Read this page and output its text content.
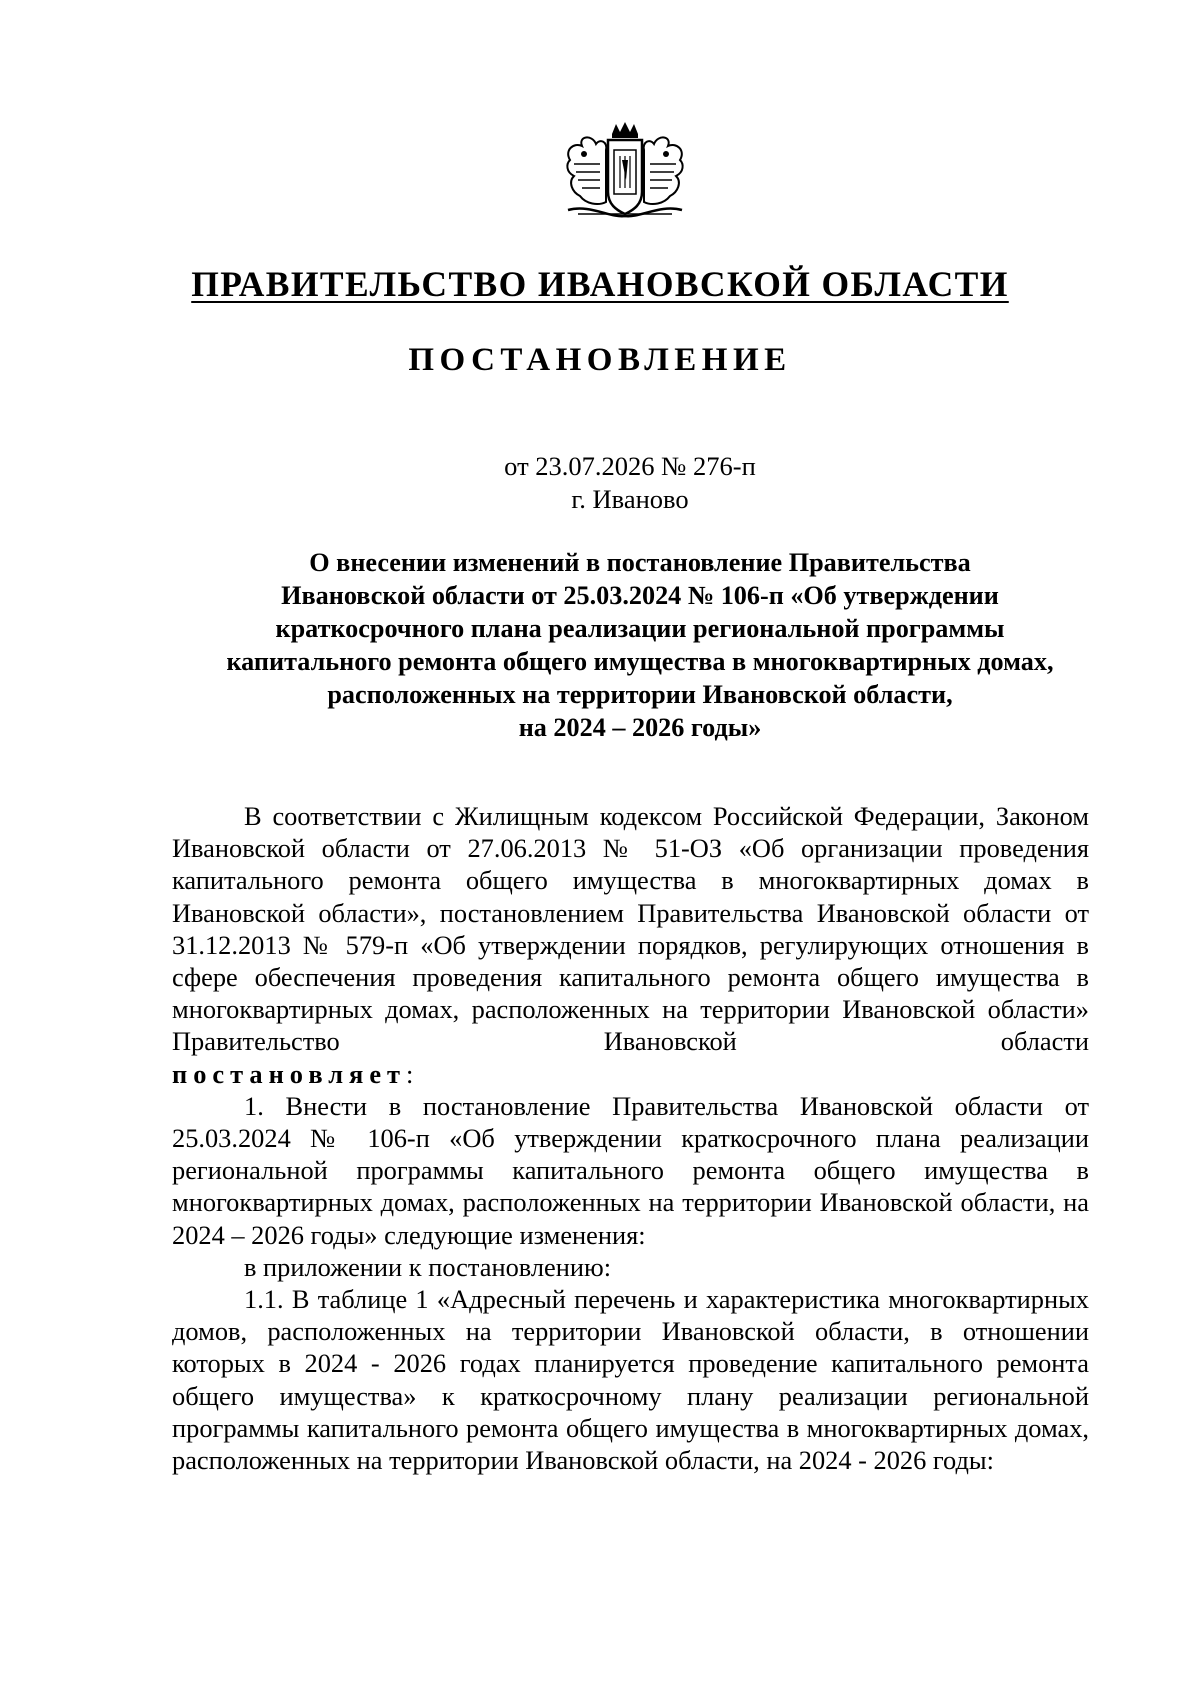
ПРАВИТЕЛЬСТВО ИВАНОВСКОЙ ОБЛАСТИ
ПОСТАНОВЛЕНИЕ
от 23.07.2026 № 276-п
г. Иваново
О внесении изменений в постановление Правительства
Ивановской области от 25.03.2024 № 106-п «Об утверждении
краткосрочного плана реализации региональной программы
капитального ремонта общего имущества в многоквартирных домах,
расположенных на территории Ивановской области,
на 2024 – 2026 годы»

В соответствии с Жилищным кодексом Российской Федерации, Законом Ивановской области от 27.06.2013 № 51-ОЗ «Об организации проведения капитального ремонта общего имущества в многоквартирных домах в Ивановской области», постановлением Правительства Ивановской области от 31.12.2013 № 579-п «Об утверждении порядков, регулирующих отношения в сфере обеспечения проведения капитального ремонта общего имущества в многоквартирных домах, расположенных на территории Ивановской области» Правительство Ивановской области

постановляет:

1. Внести в постановление Правительства Ивановской области от 25.03.2024 № 106-п «Об утверждении краткосрочного плана реализации региональной программы капитального ремонта общего имущества в многоквартирных домах, расположенных на территории Ивановской области, на 2024 – 2026 годы» следующие изменения:

в приложении к постановлению:

1.1. В таблице 1 «Адресный перечень и характеристика многоквартирных домов, расположенных на территории Ивановской области, в отношении которых в 2024 - 2026 годах планируется проведение капитального ремонта общего имущества» к краткосрочному плану реализации региональной программы капитального ремонта общего имущества в многоквартирных домах, расположенных на территории Ивановской области, на 2024 - 2026 годы:
